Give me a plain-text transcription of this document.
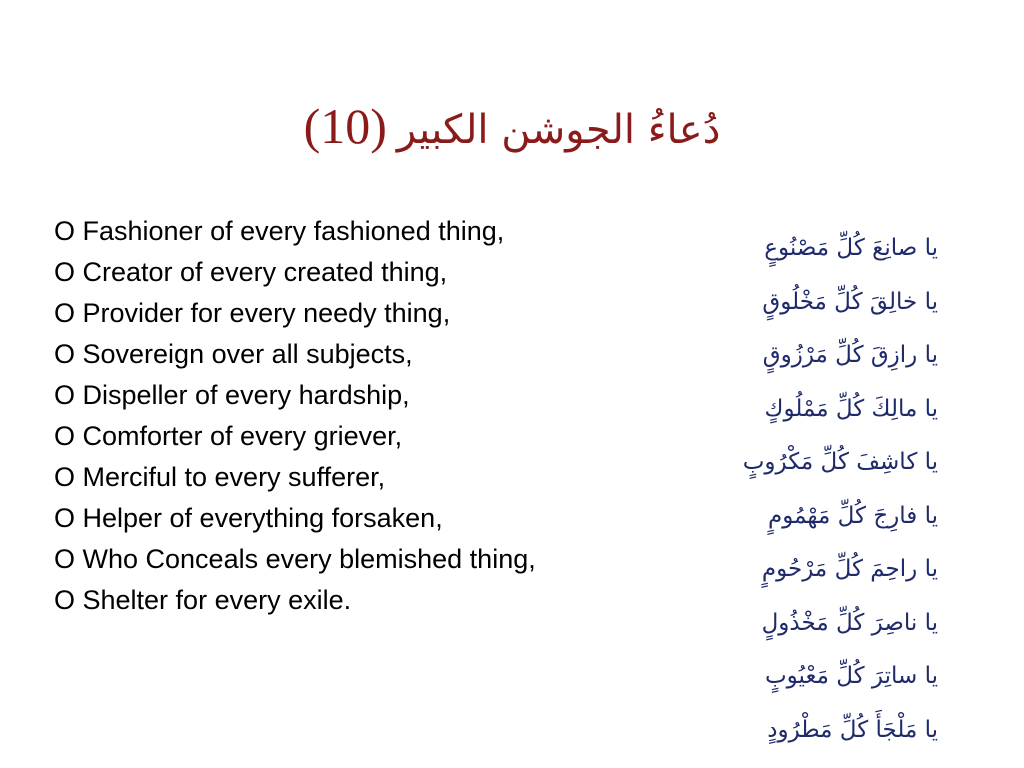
(10) دُعاءُ الجوشن الكبير
O Fashioner of every fashioned thing,
O Creator of every created thing,
O Provider for every needy thing,
O Sovereign over all subjects,
O Dispeller of every hardship,
O Comforter of every griever,
O Merciful to every sufferer,
O Helper of everything forsaken,
O Who Conceals every blemished thing,
O Shelter for every exile.
يا صانِعَ كُلِّ مَصْنُوعٍ
يا خالِقَ كُلِّ مَخْلُوقٍ
يا رازِقَ كُلِّ مَرْزُوقٍ
يا مالِكَ كُلِّ مَمْلُوكٍ
يا كاشِفَ كُلِّ مَكْرُوبٍ
يا فارِجَ كُلِّ مَهْمُومٍ
يا راحِمَ كُلِّ مَرْحُومٍ
يا ناصِرَ كُلِّ مَخْذُولٍ
يا ساتِرَ كُلِّ مَعْيُوبٍ
يا مَلْجَأَ كُلِّ مَطْرُودٍ
